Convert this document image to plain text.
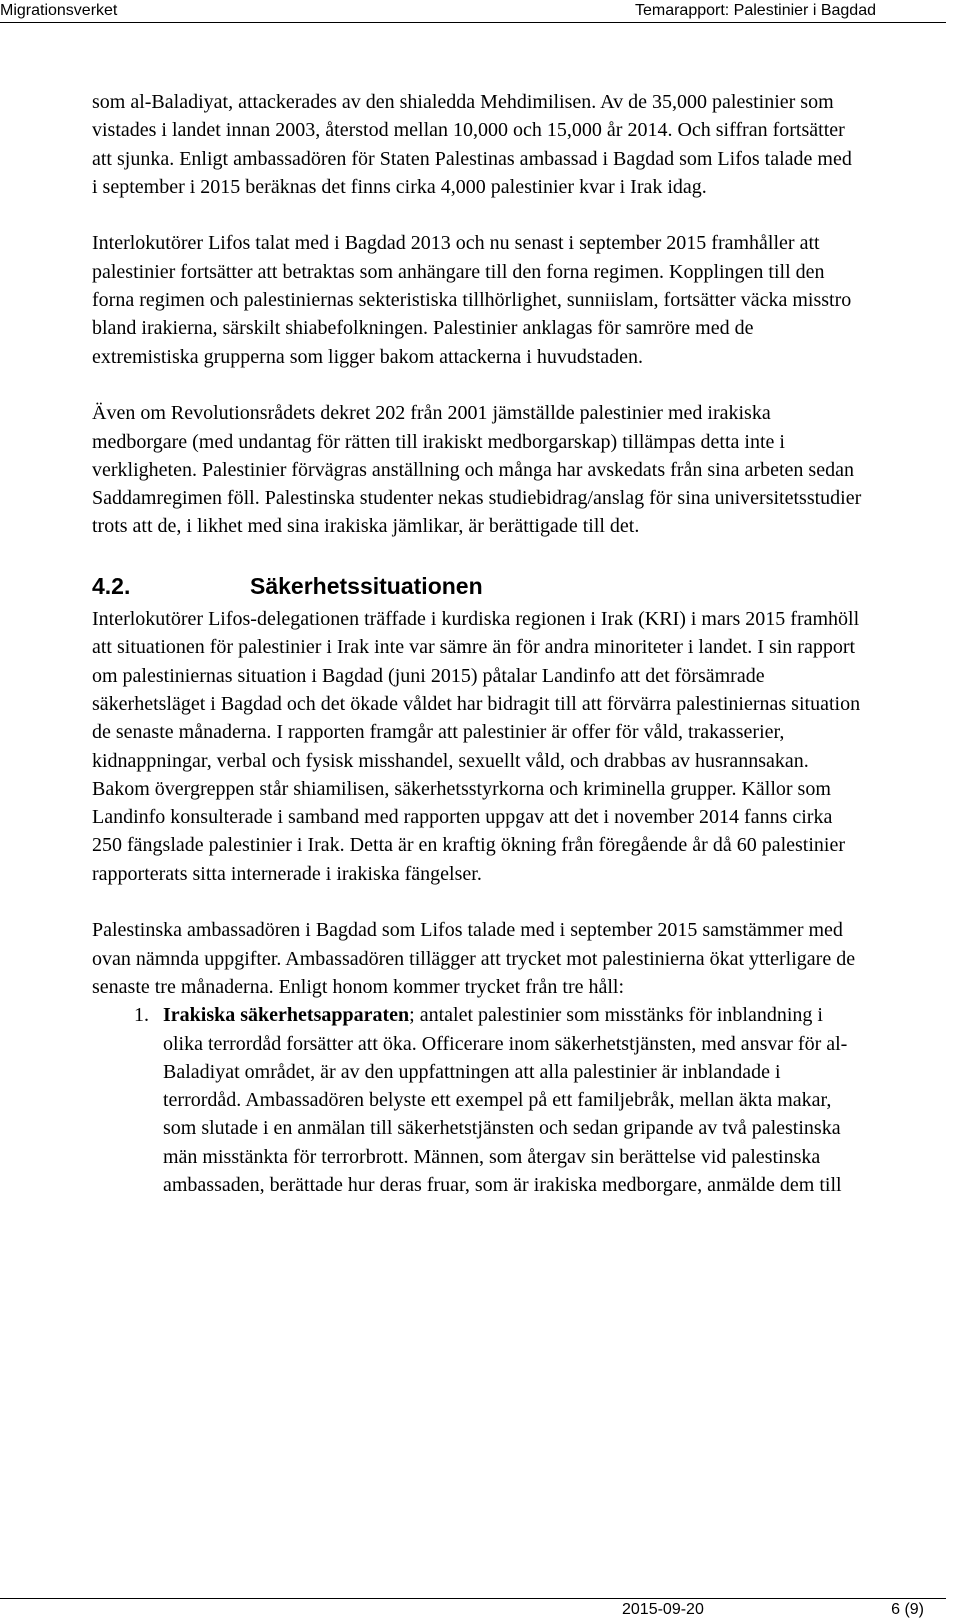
Migrationsverket	Temarapport: Palestinier i Bagdad

som al-Baladiyat, attackerades av den shialedda Mehdimilisen. Av de 35,000 palestinier som vistades i landet innan 2003, återstod mellan 10,000 och 15,000 år 2014. Och siffran fortsätter att sjunka. Enligt ambassadören för Staten Palestinas ambassad i Bagdad som Lifos talade med i september i 2015 beräknas det finns cirka 4,000 palestinier kvar i Irak idag.

Interlokutörer Lifos talat med i Bagdad 2013 och nu senast i september 2015 framhåller att palestinier fortsätter att betraktas som anhängare till den forna regimen. Kopplingen till den forna regimen och palestiniernas sekteristiska tillhörlighet, sunniislam, fortsätter väcka misstro bland irakierna, särskilt shiabefolkningen. Palestinier anklagas för samröre med de extremistiska grupperna som ligger bakom attackerna i huvudstaden.

Även om Revolutionsrådets dekret 202 från 2001 jämställde palestinier med irakiska medborgare (med undantag för rätten till irakiskt medborgarskap) tillämpas detta inte i verkligheten. Palestinier förvägras anställning och många har avskedats från sina arbeten sedan Saddamregimen föll. Palestinska studenter nekas studiebidrag/anslag för sina universitetsstudier trots att de, i likhet med sina irakiska jämlikar, är berättigade till det.

4.2.	Säkerhetssituationen

Interlokutörer Lifos-delegationen träffade i kurdiska regionen i Irak (KRI) i mars 2015 framhöll att situationen för palestinier i Irak inte var sämre än för andra minoriteter i landet. I sin rapport om palestiniernas situation i Bagdad (juni 2015) påtalar Landinfo att det försämrade säkerhetsläget i Bagdad och det ökade våldet har bidragit till att förvärra palestiniernas situation de senaste månaderna. I rapporten framgår att palestinier är offer för våld, trakasserier, kidnappningar, verbal och fysisk misshandel, sexuellt våld, och drabbas av husrannsakan. Bakom övergreppen står shiamilisen, säkerhetsstyrkorna och kriminella grupper. Källor som Landinfo konsulterade i samband med rapporten uppgav att det i november 2014 fanns cirka 250 fängslade palestinier i Irak. Detta är en kraftig ökning från föregående år då 60 palestinier rapporterats sitta internerade i irakiska fängelser.

Palestinska ambassadören i Bagdad som Lifos talade med i september 2015 samstämmer med ovan nämnda uppgifter. Ambassadören tillägger att trycket mot palestinierna ökat ytterligare de senaste tre månaderna. Enligt honom kommer trycket från tre håll:

1. Irakiska säkerhetsapparaten; antalet palestinier som misstänks för inblandning i olika terrordåd forsätter att öka. Officerare inom säkerhetstjänsten, med ansvar för al-Baladiyat området, är av den uppfattningen att alla palestinier är inblandade i terrordåd. Ambassadören belyste ett exempel på ett familjebråk, mellan äkta makar, som slutade i en anmälan till säkerhetstjänsten och sedan gripande av två palestinska män misstänkta för terrorbrott. Männen, som återgav sin berättelse vid palestinska ambassaden, berättade hur deras fruar, som är irakiska medborgare, anmälde dem till
2015-09-20	6 (9)
